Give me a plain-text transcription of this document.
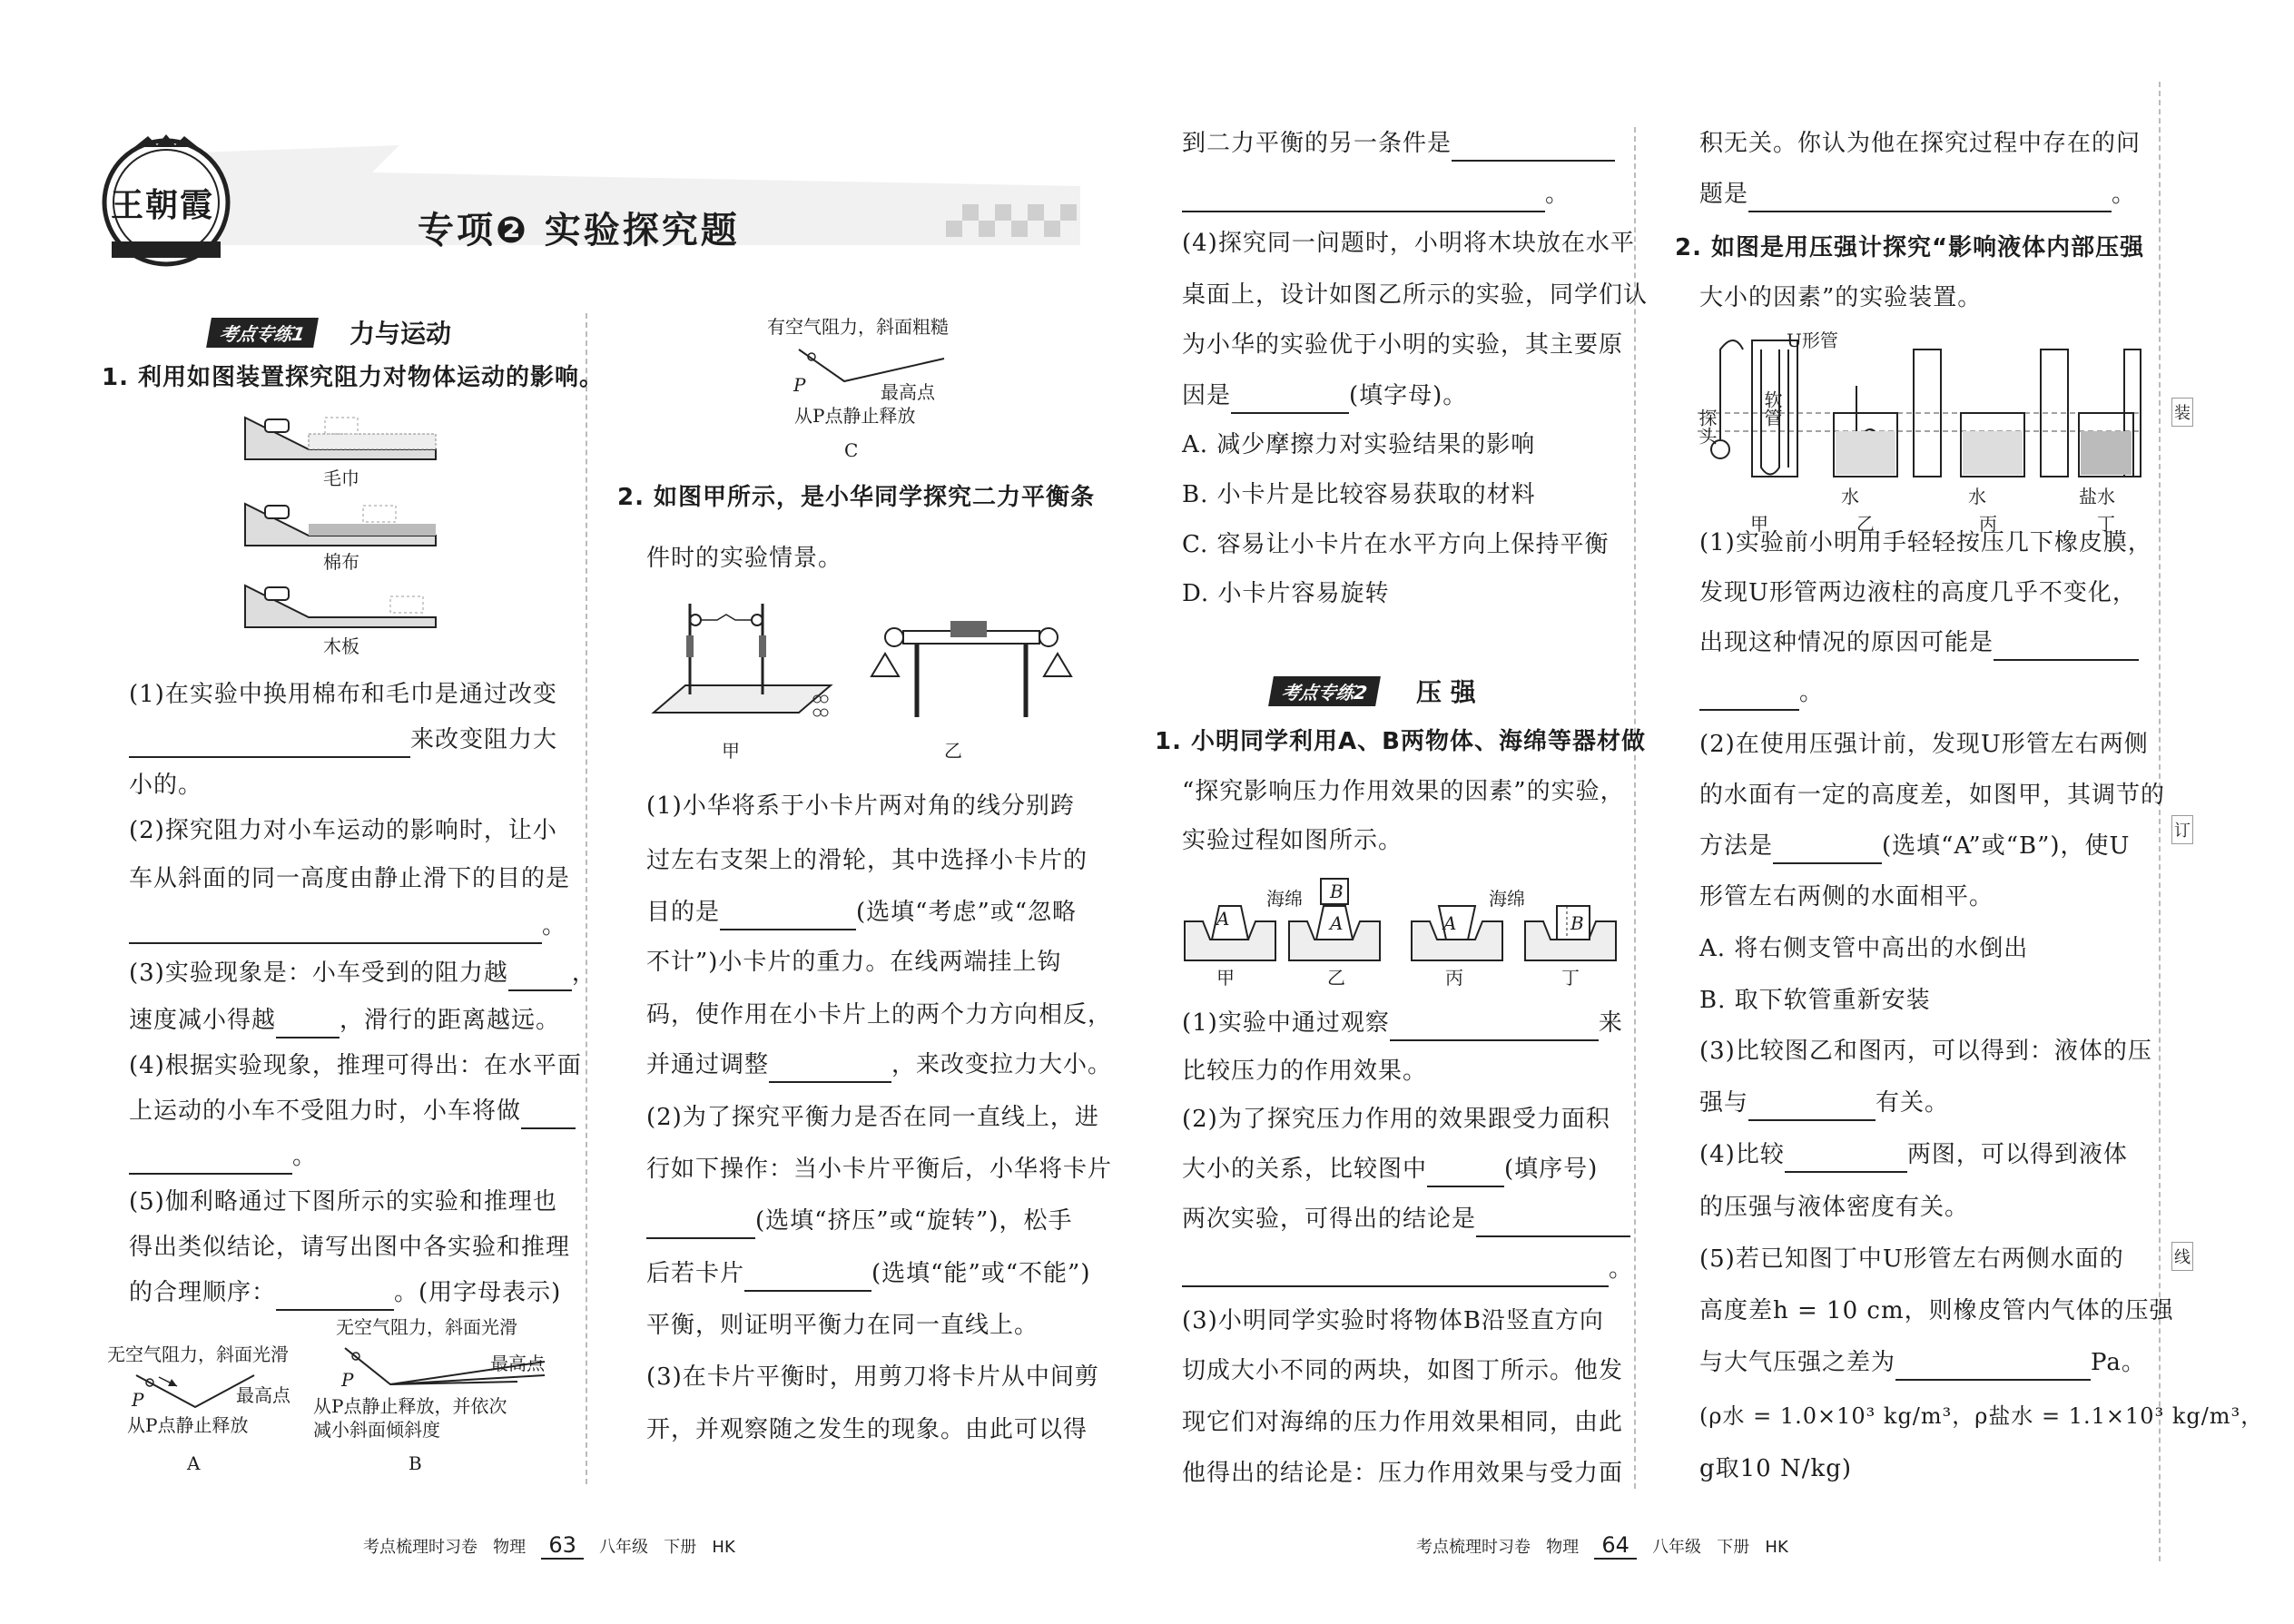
王朝霞
专项❷ 实验探究题
考点专练1	力与运动
1. 利用如图装置探究阻力对物体运动的影响。
毛巾
棉布
木板
(1)在实验中换用棉布和毛巾是通过改变
来改变阻力大
小的。
(2)探究阻力对小车运动的影响时，让小
车从斜面的同一高度由静止滑下的目的是
。
(3)实验现象是：小车受到的阻力越	，
速度减小得越	，滑行的距离越远。
(4)根据实验现象，推理可得出：在水平面
上运动的小车不受阻力时，小车将做
。
(5)伽利略通过下图所示的实验和推理也
得出类似结论，请写出图中各实验和推理
的合理顺序：	。(用字母表示)
无空气阻力，斜面光滑
P	最高点
从P点静止释放
A
无空气阻力，斜面光滑
P
最高点
从P点静止释放，并依次
减小斜面倾斜度
B
有空气阻力，斜面粗糙
P	最高点
从P点静止释放
C
2. 如图甲所示，是小华同学探究二力平衡条
件时的实验情景。
甲	乙
(1)小华将系于小卡片两对角的线分别跨
过左右支架上的滑轮，其中选择小卡片的
目的是	(选填“考虑”或“忽略
不计”)小卡片的重力。在线两端挂上钩
码，使作用在小卡片上的两个力方向相反，
并通过调整	，来改变拉力大小。
(2)为了探究平衡力是否在同一直线上，进
行如下操作：当小卡片平衡后，小华将卡片
(选填“挤压”或“旋转”)，松手
后若卡片	(选填“能”或“不能”)
平衡，则证明平衡力在同一直线上。
(3)在卡片平衡时，用剪刀将卡片从中间剪
开，并观察随之发生的现象。由此可以得
到二力平衡的另一条件是
。
(4)探究同一问题时，小明将木块放在水平
桌面上，设计如图乙所示的实验，同学们认
为小华的实验优于小明的实验，其主要原
因是	(填字母)。
A. 减少摩擦力对实验结果的影响
B. 小卡片是比较容易获取的材料
C. 容易让小卡片在水平方向上保持平衡
D. 小卡片容易旋转
考点专练2	压 强
1. 小明同学利用A、B两物体、海绵等器材做
“探究影响压力作用效果的因素”的实验，
实验过程如图所示。
A
甲
海绵 B
A
乙
A
丙
海绵
B
丁
(1)实验中通过观察	来
比较压力的作用效果。
(2)为了探究压力作用的效果跟受力面积
大小的关系，比较图中	(填序号)
两次实验，可得出的结论是
。
(3)小明同学实验时将物体B沿竖直方向
切成大小不同的两块，如图丁所示。他发
现它们对海绵的压力作用效果相同，由此
他得出的结论是：压力作用效果与受力面
积无关。你认为他在探究过程中存在的问
题是	。
2. 如图是用压强计探究“影响液体内部压强
大小的因素”的实验装置。
U形管
软管
探头
水	水	盐水
甲	乙	丙	丁
(1)实验前小明用手轻轻按压几下橡皮膜，
发现U形管两边液柱的高度几乎不变化，
出现这种情况的原因可能是
。
(2)在使用压强计前，发现U形管左右两侧
的水面有一定的高度差，如图甲，其调节的
方法是	(选填“A”或“B”)，使U
形管左右两侧的水面相平。
A. 将右侧支管中高出的水倒出
B. 取下软管重新安装
(3)比较图乙和图丙，可以得到：液体的压
强与	有关。
(4)比较	两图，可以得到液体
的压强与液体密度有关。
(5)若已知图丁中U形管左右两侧水面的
高度差h = 10 cm，则橡皮管内气体的压强
与大气压强之差为	Pa。
(ρ水 = 1.0×10³ kg/m³，ρ盐水 = 1.1×10³ kg/m³，
g取10 N/kg)
装
订
线
考点梳理时习卷 物理 63 八年级 下册 HK	考点梳理时习卷 物理 64 八年级 下册 HK
